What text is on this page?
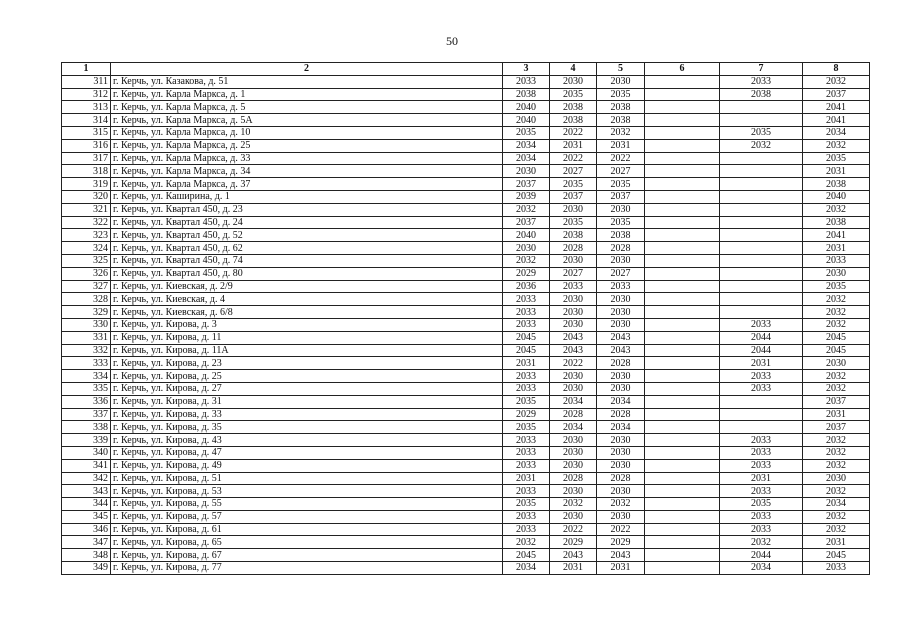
50
1	2	3	4	5	6	7	8
311	г. Керчь, ул. Казакова, д. 51	2033	2030	2030		2033	2032
312	г. Керчь, ул. Карла Маркса, д. 1	2038	2035	2035		2038	2037
313	г. Керчь, ул. Карла Маркса, д. 5	2040	2038	2038			2041
314	г. Керчь, ул. Карла Маркса, д. 5А	2040	2038	2038			2041
315	г. Керчь, ул. Карла Маркса, д. 10	2035	2022	2032		2035	2034
316	г. Керчь, ул. Карла Маркса, д. 25	2034	2031	2031		2032	2032
317	г. Керчь, ул. Карла Маркса, д. 33	2034	2022	2022			2035
318	г. Керчь, ул. Карла Маркса, д. 34	2030	2027	2027			2031
319	г. Керчь, ул. Карла Маркса, д. 37	2037	2035	2035			2038
320	г. Керчь, ул. Каширина, д. 1	2039	2037	2037			2040
321	г. Керчь, ул. Квартал 450, д. 23	2032	2030	2030			2032
322	г. Керчь, ул. Квартал 450, д. 24	2037	2035	2035			2038
323	г. Керчь, ул. Квартал 450, д. 52	2040	2038	2038			2041
324	г. Керчь, ул. Квартал 450, д. 62	2030	2028	2028			2031
325	г. Керчь, ул. Квартал 450, д. 74	2032	2030	2030			2033
326	г. Керчь, ул. Квартал 450, д. 80	2029	2027	2027			2030
327	г. Керчь, ул. Киевская, д. 2/9	2036	2033	2033			2035
328	г. Керчь, ул. Киевская, д. 4	2033	2030	2030			2032
329	г. Керчь, ул. Киевская, д. 6/8	2033	2030	2030			2032
330	г. Керчь, ул. Кирова, д. 3	2033	2030	2030		2033	2032
331	г. Керчь, ул. Кирова, д. 11	2045	2043	2043		2044	2045
332	г. Керчь, ул. Кирова, д. 11А	2045	2043	2043		2044	2045
333	г. Керчь, ул. Кирова, д. 23	2031	2022	2028		2031	2030
334	г. Керчь, ул. Кирова, д. 25	2033	2030	2030		2033	2032
335	г. Керчь, ул. Кирова, д. 27	2033	2030	2030		2033	2032
336	г. Керчь, ул. Кирова, д. 31	2035	2034	2034			2037
337	г. Керчь, ул. Кирова, д. 33	2029	2028	2028			2031
338	г. Керчь, ул. Кирова, д. 35	2035	2034	2034			2037
339	г. Керчь, ул. Кирова, д. 43	2033	2030	2030		2033	2032
340	г. Керчь, ул. Кирова, д. 47	2033	2030	2030		2033	2032
341	г. Керчь, ул. Кирова, д. 49	2033	2030	2030		2033	2032
342	г. Керчь, ул. Кирова, д. 51	2031	2028	2028		2031	2030
343	г. Керчь, ул. Кирова, д. 53	2033	2030	2030		2033	2032
344	г. Керчь, ул. Кирова, д. 55	2035	2032	2032		2035	2034
345	г. Керчь, ул. Кирова, д. 57	2033	2030	2030		2033	2032
346	г. Керчь, ул. Кирова, д. 61	2033	2022	2022		2033	2032
347	г. Керчь, ул. Кирова, д. 65	2032	2029	2029		2032	2031
348	г. Керчь, ул. Кирова, д. 67	2045	2043	2043		2044	2045
349	г. Керчь, ул. Кирова, д. 77	2034	2031	2031		2034	2033
